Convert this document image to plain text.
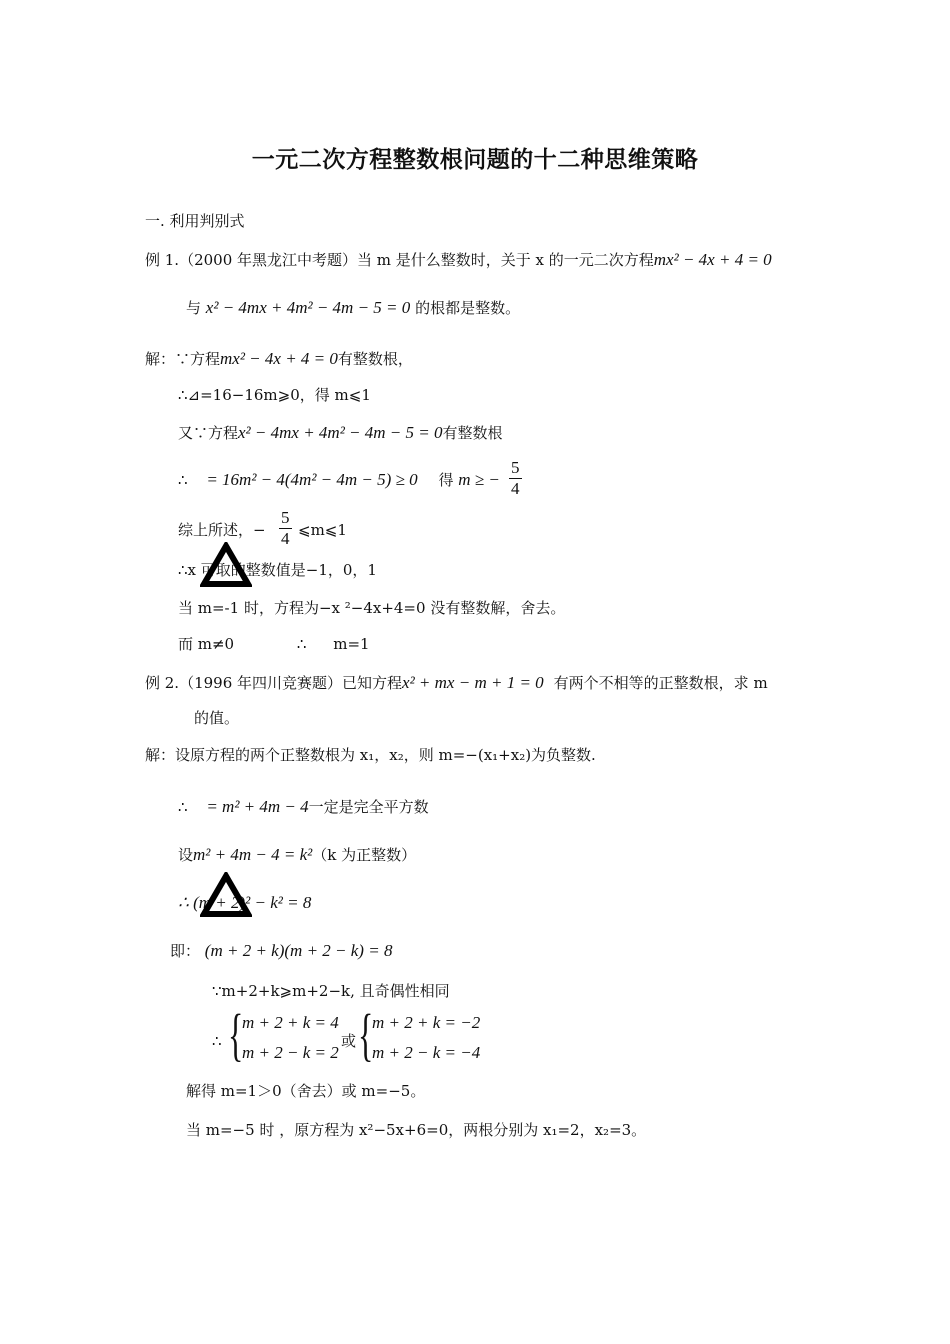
一元二次方程整数根问题的十二种思维策略
一. 利用判别式
例 1.（2000 年黑龙江中考题）当 m 是什么整数时，关于 x 的一元二次方程mx² − 4x + 4 = 0
与 x² − 4mx + 4m² − 4m − 5 = 0 的根都是整数。
解：∵方程mx² − 4x + 4 = 0有整数根，
∴⊿=16−16m⩾0，得 m⩽1
又∵方程x² − 4mx + 4m² − 4m − 5 = 0有整数根
∴ = 16m² − 4(4m² − 4m − 5) ≥ 0 得 m ≥ − $\frac{5}{4}$
综上所述，− $\frac{5}{4}$ ⩽m⩽1
∴x 可取的整数值是−1，0，1
当 m=-1 时，方程为−x ²−4x+4=0 没有整数解，舍去。
而 m≠0	∴ m=1
例 2.（1996 年四川竞赛题）已知方程x² + mx − m + 1 = 0 有两个不相等的正整数根，求 m
的值。
解：设原方程的两个正整数根为 x₁，x₂，则 m=−(x₁+x₂)为负整数.
∴ = m² + 4m − 4一定是完全平方数
设m² + 4m − 4 = k²（k 为正整数）
∴ (m + 2)² − k² = 8
即： (m + 2 + k)(m + 2 − k) = 8
∵m+2+k⩾m+2−k, 且奇偶性相同
∴ {
m + 2 + k = 4
m + 2 − k = 2
或 {
m + 2 + k = −2
m + 2 − k = −4
解得 m=1＞0（舍去）或 m=−5。
当 m=−5 时 ，原方程为 x²−5x+6=0，两根分别为 x₁=2，x₂=3。
